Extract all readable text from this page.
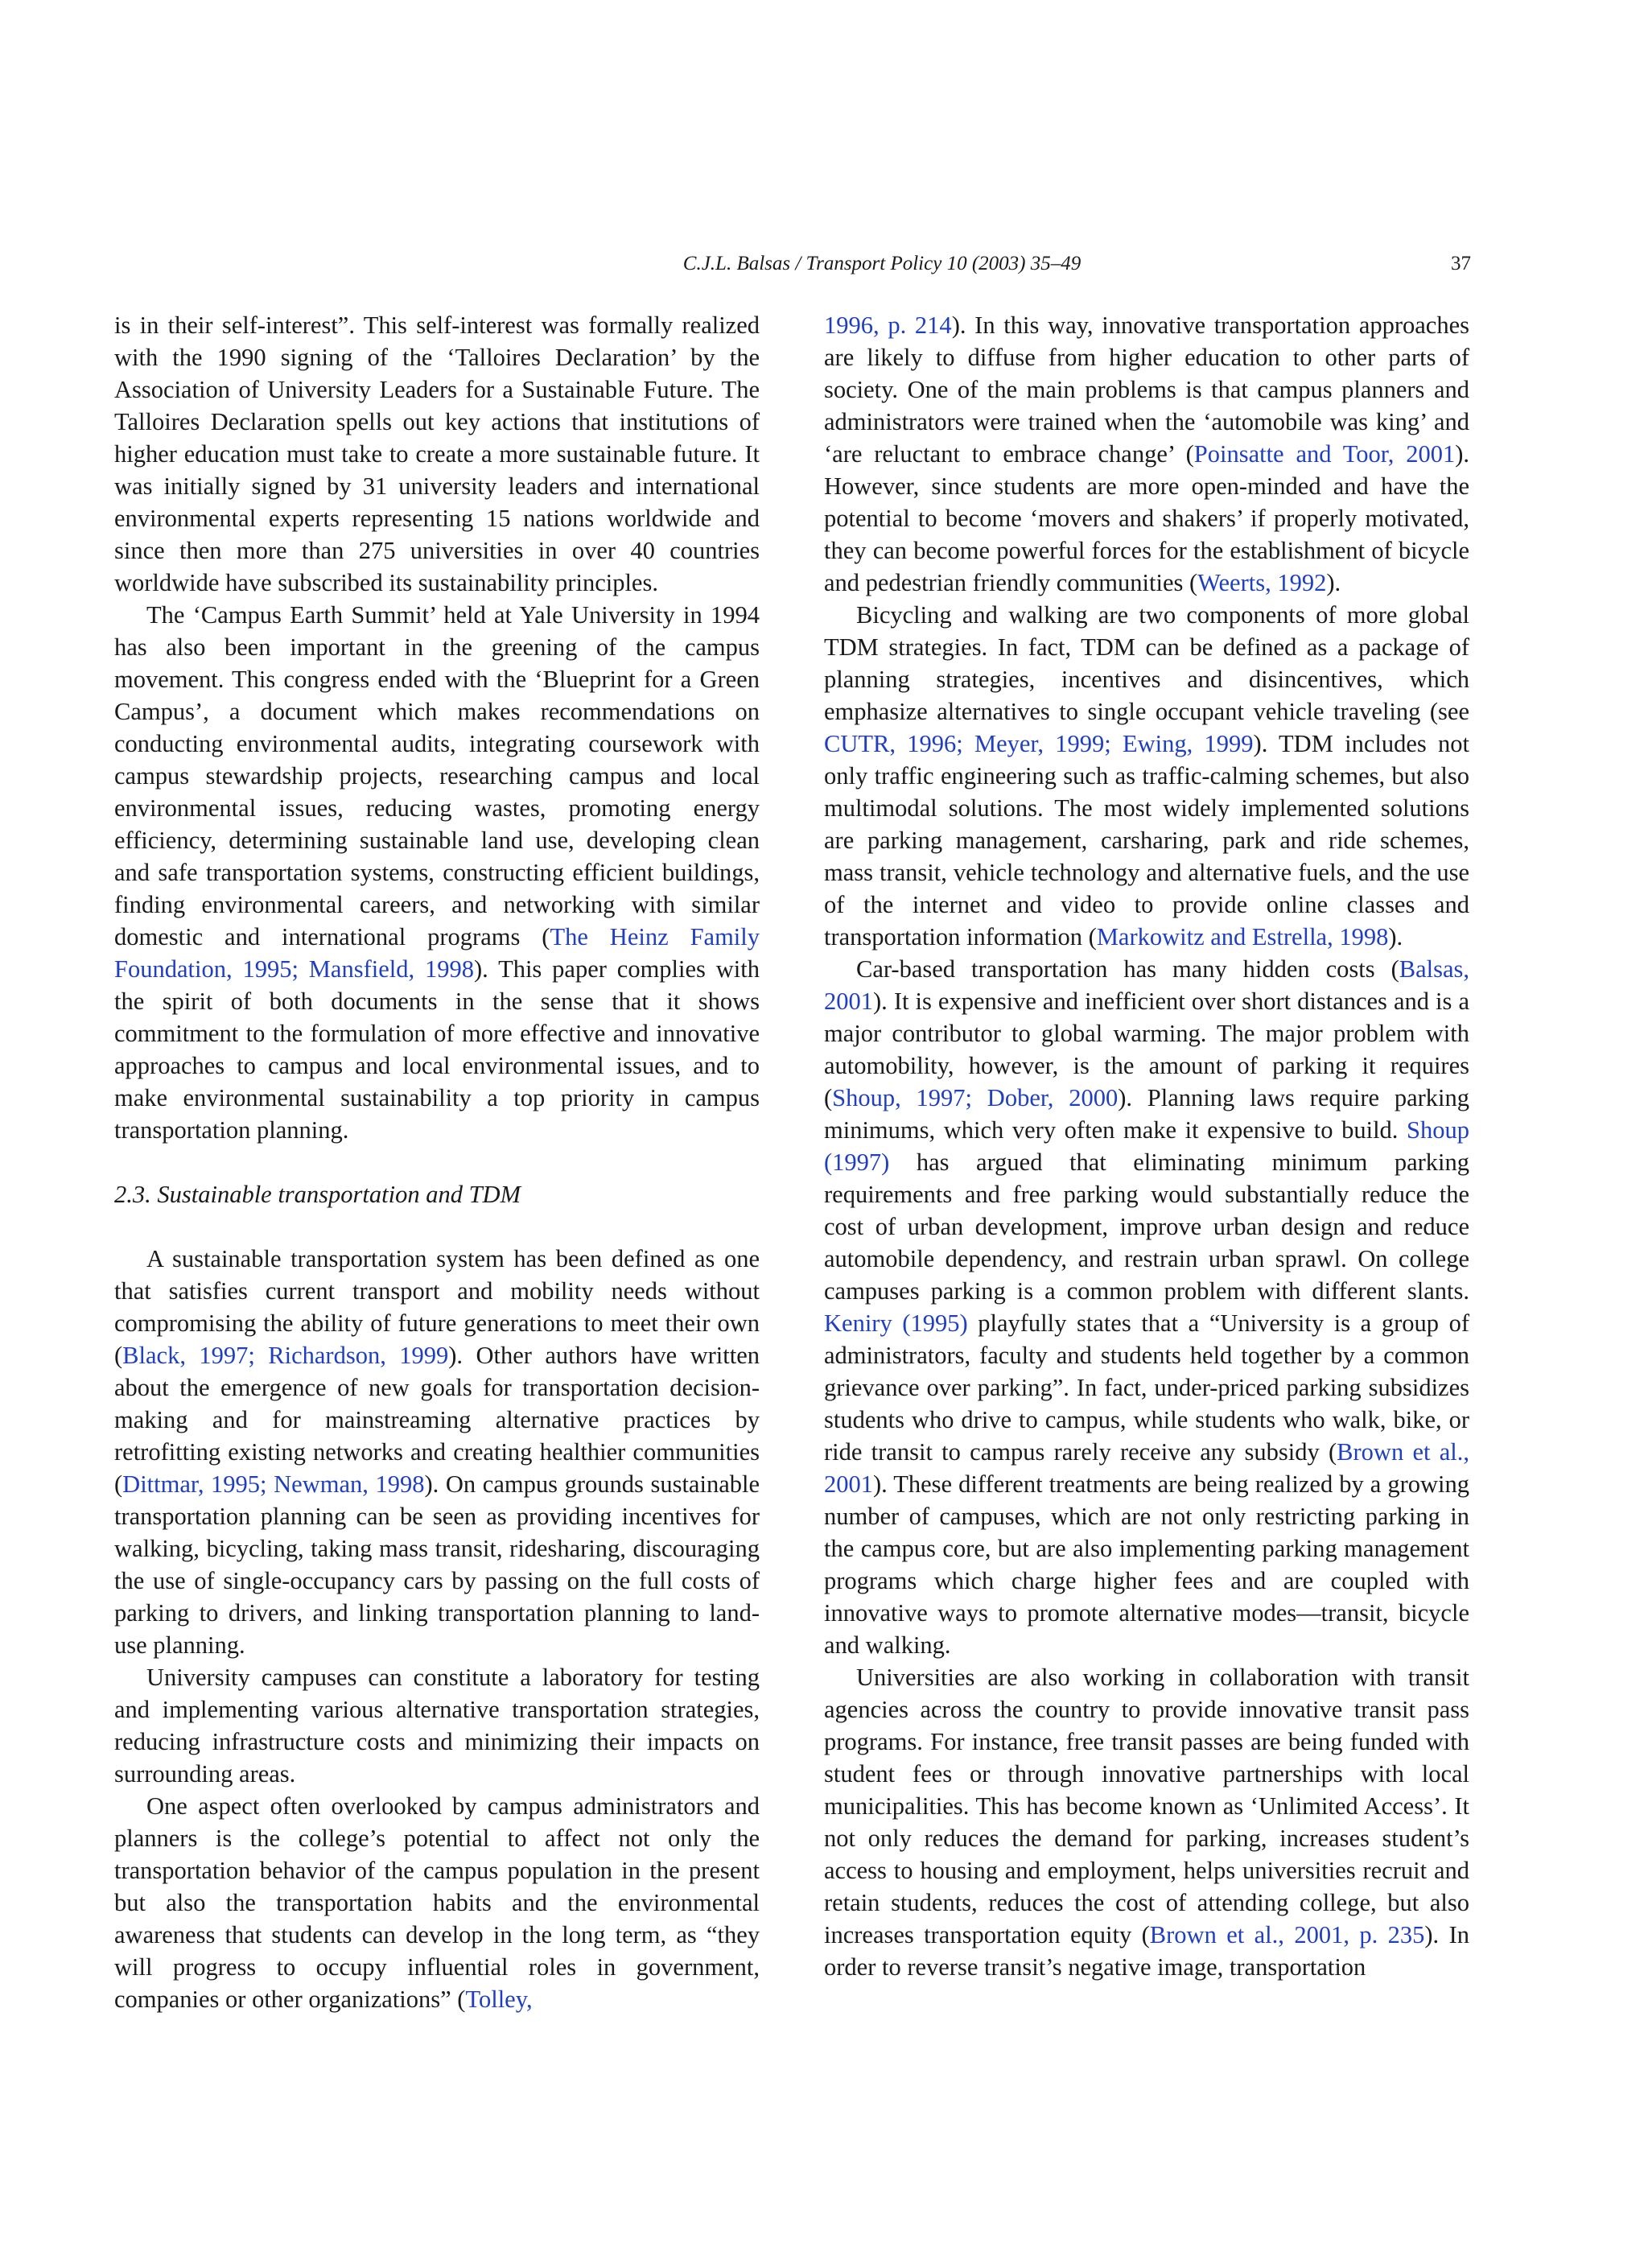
C.J.L. Balsas / Transport Policy 10 (2003) 35–49	37

is in their self-interest”. This self-interest was formally realized with the 1990 signing of the ‘Talloires Declaration’ by the Association of University Leaders for a Sustainable Future. The Talloires Declaration spells out key actions that institutions of higher education must take to create a more sustainable future. It was initially signed by 31 university leaders and international environmental experts representing 15 nations worldwide and since then more than 275 universities in over 40 countries worldwide have subscribed its sustainability principles.

The ‘Campus Earth Summit’ held at Yale University in 1994 has also been important in the greening of the campus movement. This congress ended with the ‘Blueprint for a Green Campus’, a document which makes recommendations on conducting environmental audits, integrating coursework with campus stewardship projects, researching campus and local environmental issues, reducing wastes, promoting energy efficiency, determining sustainable land use, developing clean and safe transportation systems, constructing efficient buildings, finding environmental careers, and networking with similar domestic and international programs (The Heinz Family Foundation, 1995; Mansfield, 1998). This paper complies with the spirit of both documents in the sense that it shows commitment to the formulation of more effective and innovative approaches to campus and local environmental issues, and to make environmental sustainability a top priority in campus transportation planning.

2.3. Sustainable transportation and TDM

A sustainable transportation system has been defined as one that satisfies current transport and mobility needs without compromising the ability of future generations to meet their own (Black, 1997; Richardson, 1999). Other authors have written about the emergence of new goals for transportation decision-making and for mainstreaming alternative practices by retrofitting existing networks and creating healthier communities (Dittmar, 1995; Newman, 1998). On campus grounds sustainable transportation planning can be seen as providing incentives for walking, bicycling, taking mass transit, ridesharing, discouraging the use of single-occupancy cars by passing on the full costs of parking to drivers, and linking transportation planning to land-use planning.

University campuses can constitute a laboratory for testing and implementing various alternative transportation strategies, reducing infrastructure costs and minimizing their impacts on surrounding areas.

One aspect often overlooked by campus administrators and planners is the college’s potential to affect not only the transportation behavior of the campus population in the present but also the transportation habits and the environmental awareness that students can develop in the long term, as “they will progress to occupy influential roles in government, companies or other organizations” (Tolley,

1996, p. 214). In this way, innovative transportation approaches are likely to diffuse from higher education to other parts of society. One of the main problems is that campus planners and administrators were trained when the ‘automobile was king’ and ‘are reluctant to embrace change’ (Poinsatte and Toor, 2001). However, since students are more open-minded and have the potential to become ‘movers and shakers’ if properly motivated, they can become powerful forces for the establishment of bicycle and pedestrian friendly communities (Weerts, 1992).

Bicycling and walking are two components of more global TDM strategies. In fact, TDM can be defined as a package of planning strategies, incentives and disincentives, which emphasize alternatives to single occupant vehicle traveling (see CUTR, 1996; Meyer, 1999; Ewing, 1999). TDM includes not only traffic engineering such as traffic-calming schemes, but also multimodal solutions. The most widely implemented solutions are parking management, carsharing, park and ride schemes, mass transit, vehicle technology and alternative fuels, and the use of the internet and video to provide online classes and transportation information (Markowitz and Estrella, 1998).

Car-based transportation has many hidden costs (Balsas, 2001). It is expensive and inefficient over short distances and is a major contributor to global warming. The major problem with automobility, however, is the amount of parking it requires (Shoup, 1997; Dober, 2000). Planning laws require parking minimums, which very often make it expensive to build. Shoup (1997) has argued that eliminating minimum parking requirements and free parking would substantially reduce the cost of urban development, improve urban design and reduce automobile dependency, and restrain urban sprawl. On college campuses parking is a common problem with different slants. Keniry (1995) playfully states that a “University is a group of administrators, faculty and students held together by a common grievance over parking”. In fact, under-priced parking subsidizes students who drive to campus, while students who walk, bike, or ride transit to campus rarely receive any subsidy (Brown et al., 2001). These different treatments are being realized by a growing number of campuses, which are not only restricting parking in the campus core, but are also implementing parking management programs which charge higher fees and are coupled with innovative ways to promote alternative modes—transit, bicycle and walking.

Universities are also working in collaboration with transit agencies across the country to provide innovative transit pass programs. For instance, free transit passes are being funded with student fees or through innovative partnerships with local municipalities. This has become known as ‘Unlimited Access’. It not only reduces the demand for parking, increases student’s access to housing and employment, helps universities recruit and retain students, reduces the cost of attending college, but also increases transportation equity (Brown et al., 2001, p. 235). In order to reverse transit’s negative image, transportation
